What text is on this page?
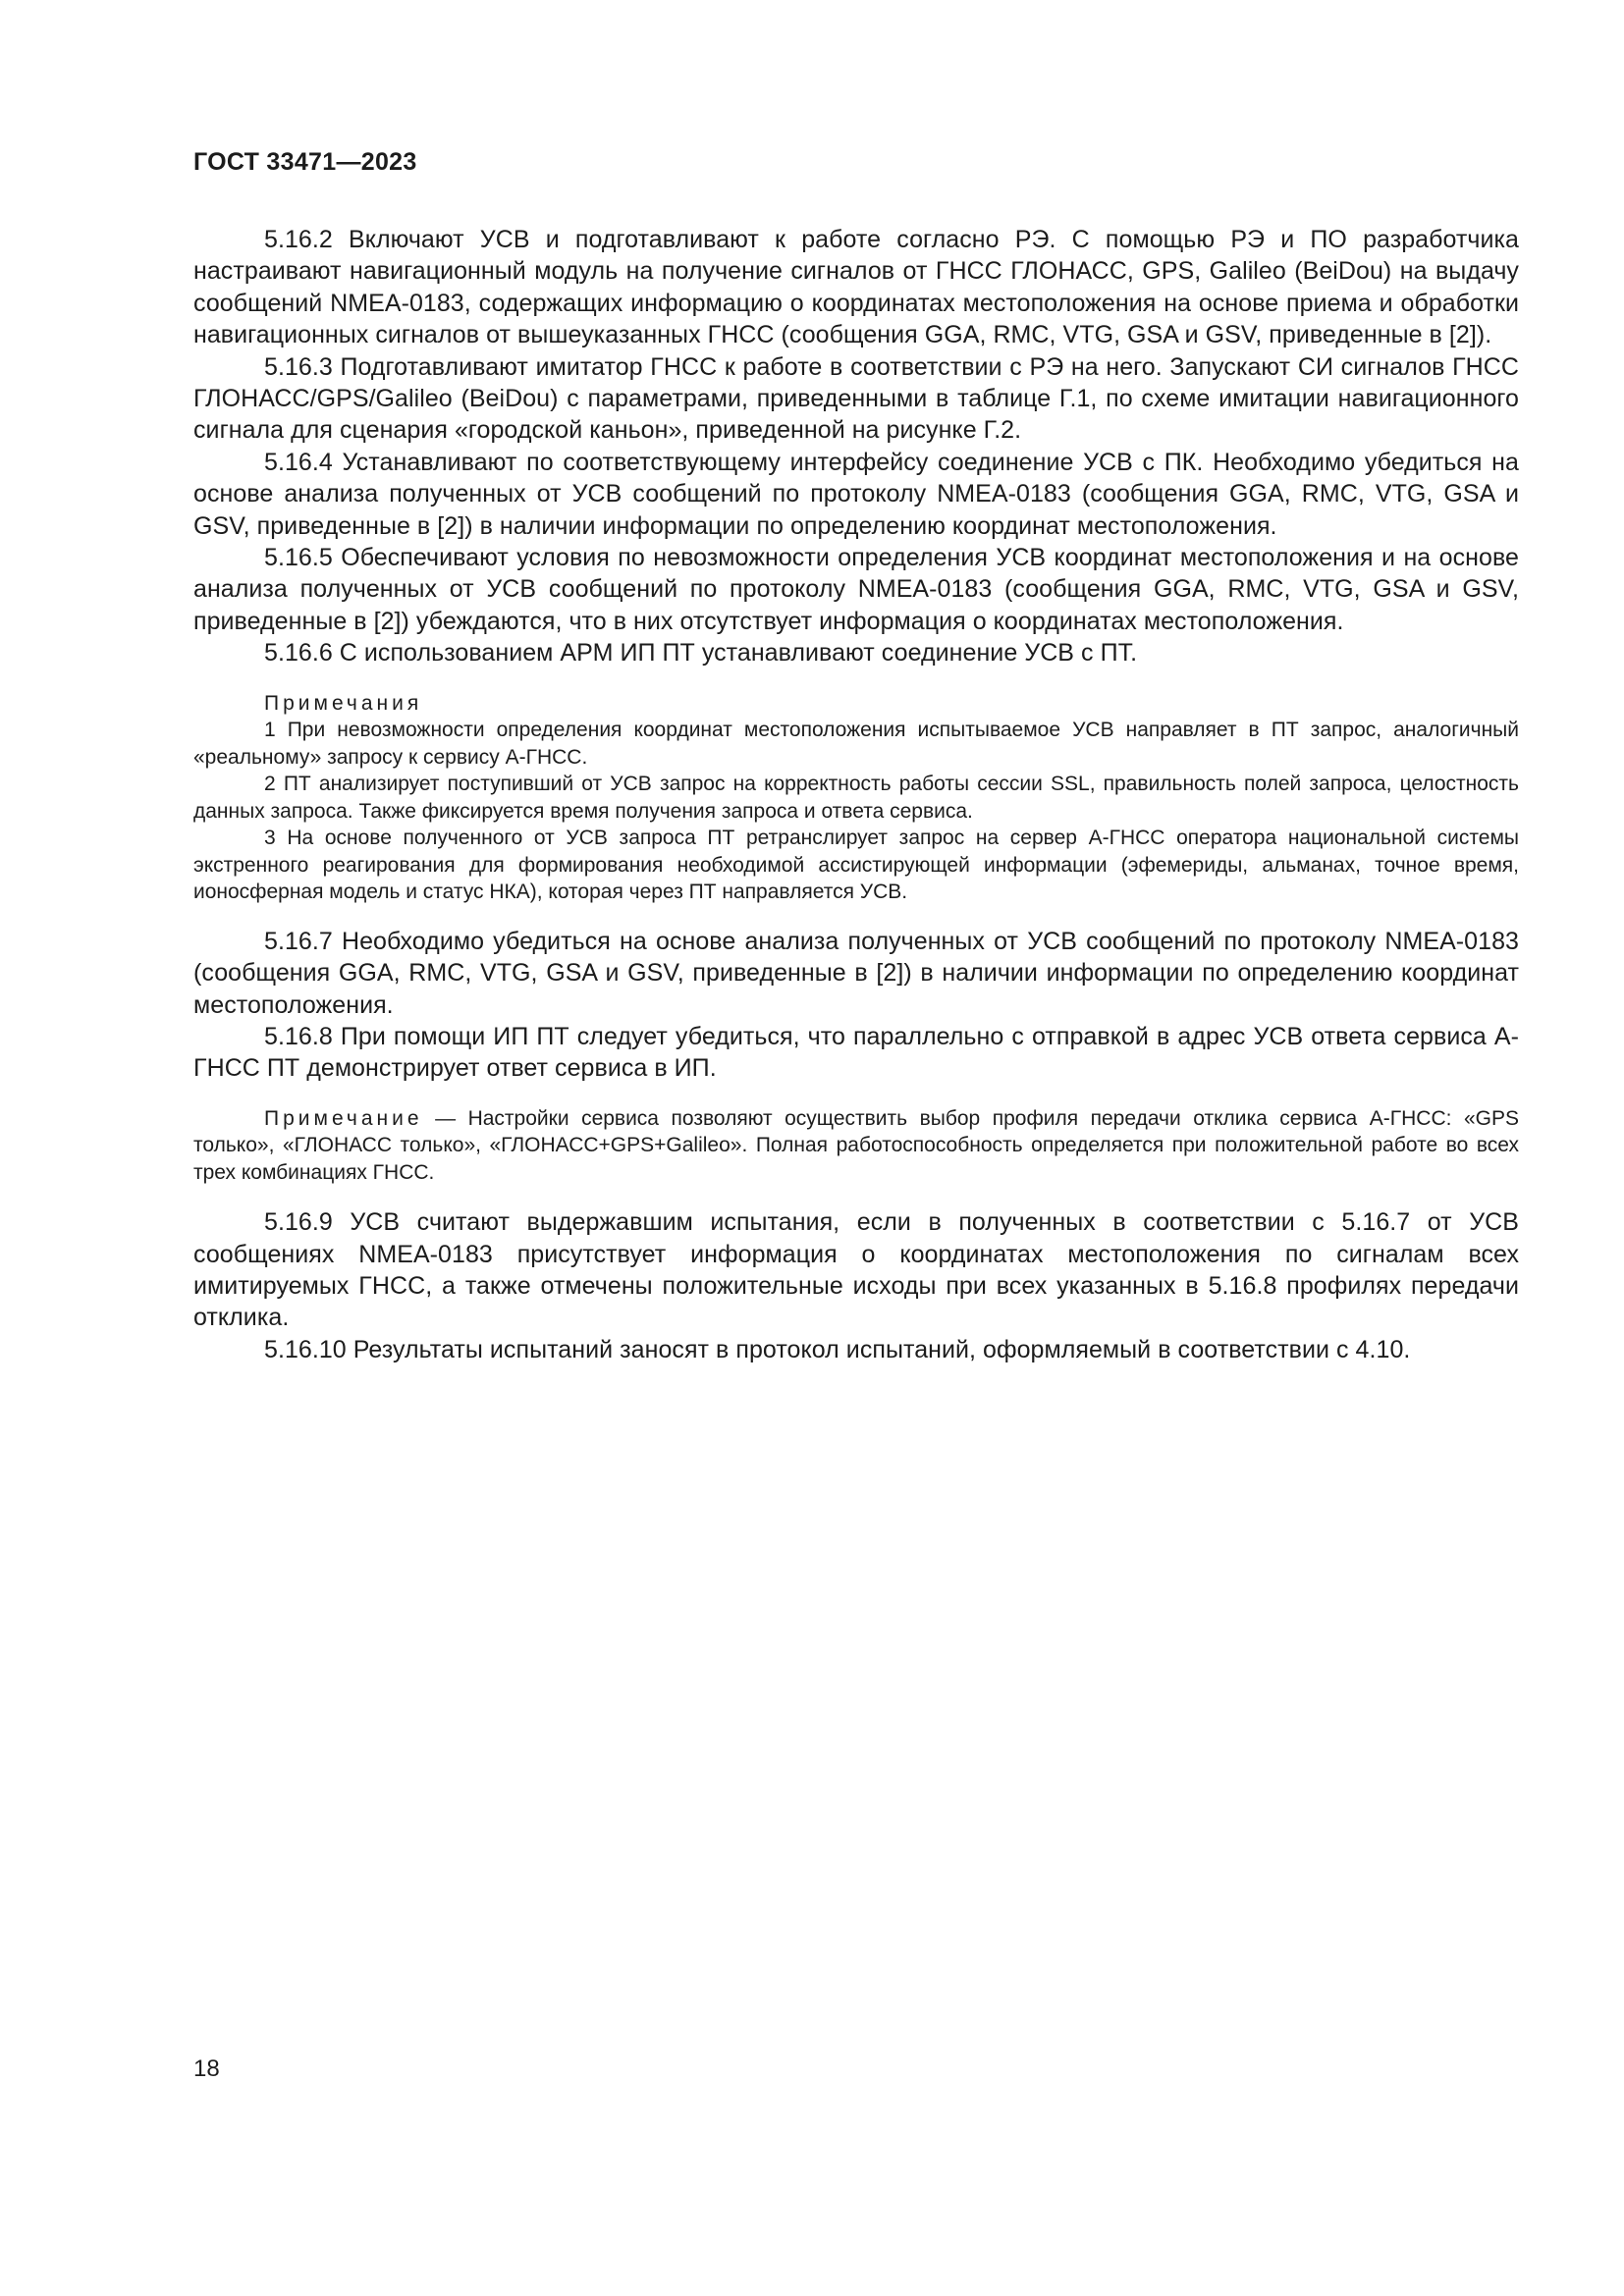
ГОСТ 33471—2023

5.16.2 Включают УСВ и подготавливают к работе согласно РЭ. С помощью РЭ и ПО разработчика настраивают навигационный модуль на получение сигналов от ГНСС ГЛОНАСС, GPS, Galileo (BeiDou) на выдачу сообщений NMEA-0183, содержащих информацию о координатах местоположения на основе приема и обработки навигационных сигналов от вышеуказанных ГНСС (сообщения GGA, RMC, VTG, GSA и GSV, приведенные в [2]).

5.16.3 Подготавливают имитатор ГНСС к работе в соответствии с РЭ на него. Запускают СИ сигналов ГНСС ГЛОНАСС/GPS/Galileo (BeiDou) с параметрами, приведенными в таблице Г.1, по схеме имитации навигационного сигнала для сценария «городской каньон», приведенной на рисунке Г.2.

5.16.4 Устанавливают по соответствующему интерфейсу соединение УСВ с ПК. Необходимо убедиться на основе анализа полученных от УСВ сообщений по протоколу NMEA-0183 (сообщения GGA, RMC, VTG, GSA и GSV, приведенные в [2]) в наличии информации по определению координат местоположения.

5.16.5 Обеспечивают условия по невозможности определения УСВ координат местоположения и на основе анализа полученных от УСВ сообщений по протоколу NMEA-0183 (сообщения GGA, RMC, VTG, GSA и GSV, приведенные в [2]) убеждаются, что в них отсутствует информация о координатах местоположения.

5.16.6 С использованием АРМ ИП ПТ устанавливают соединение УСВ с ПТ.

Примечания

1 При невозможности определения координат местоположения испытываемое УСВ направляет в ПТ запрос, аналогичный «реальному» запросу к сервису А-ГНСС.

2 ПТ анализирует поступивший от УСВ запрос на корректность работы сессии SSL, правильность полей запроса, целостность данных запроса. Также фиксируется время получения запроса и ответа сервиса.

3 На основе полученного от УСВ запроса ПТ ретранслирует запрос на сервер А-ГНСС оператора национальной системы экстренного реагирования для формирования необходимой ассистирующей информации (эфемериды, альманах, точное время, ионосферная модель и статус НКА), которая через ПТ направляется УСВ.

5.16.7 Необходимо убедиться на основе анализа полученных от УСВ сообщений по протоколу NMEA-0183 (сообщения GGA, RMC, VTG, GSA и GSV, приведенные в [2]) в наличии информации по определению координат местоположения.

5.16.8 При помощи ИП ПТ следует убедиться, что параллельно с отправкой в адрес УСВ ответа сервиса А-ГНСС ПТ демонстрирует ответ сервиса в ИП.

Примечание — Настройки сервиса позволяют осуществить выбор профиля передачи отклика сервиса А-ГНСС: «GPS только», «ГЛОНАСС только», «ГЛОНАСС+GPS+Galileo». Полная работоспособность определяется при положительной работе во всех трех комбинациях ГНСС.

5.16.9 УСВ считают выдержавшим испытания, если в полученных в соответствии с 5.16.7 от УСВ сообщениях NMEA-0183 присутствует информация о координатах местоположения по сигналам всех имитируемых ГНСС, а также отмечены положительные исходы при всех указанных в 5.16.8 профилях передачи отклика.

5.16.10 Результаты испытаний заносят в протокол испытаний, оформляемый в соответствии с 4.10.

18
